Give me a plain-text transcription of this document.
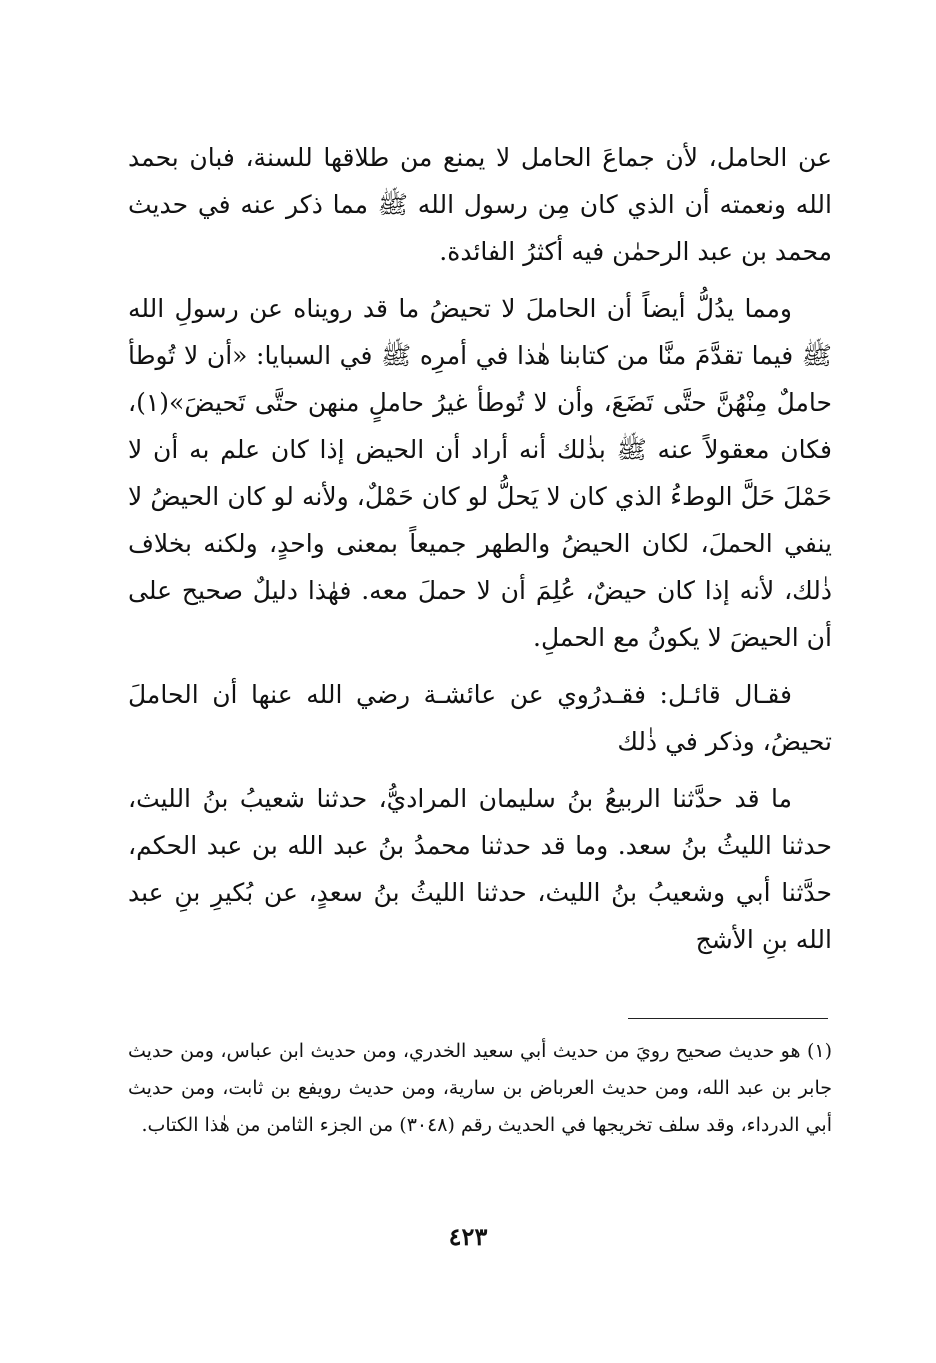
عن الحامل، لأن جماعَ الحامل لا يمنع من طلاقها للسنة، فبان بحمد الله ونعمته أن الذي كان مِن رسول الله ﷺ مما ذكر عنه في حديث محمد بن عبد الرحمٰن فيه أكثرُ الفائدة.

ومما يدُلُّ أيضاً أن الحاملَ لا تحيضُ ما قد رويناه عن رسولِ الله ﷺ فيما تقدَّمَ منَّا من كتابنا هٰذا في أمرِه ﷺ في السبايا: «أن لا تُوطأ حاملٌ مِنْهُنَّ حتَّى تَضَعَ، وأن لا تُوطأ غيرُ حاملٍ منهن حتَّى تَحيضَ»(١)، فكان معقولاً عنه ﷺ بذٰلك أنه أراد أن الحيض إذا كان علم به أن لا حَمْلَ حَلَّ الوطءُ الذي كان لا يَحلُّ لو كان حَمْلٌ، ولأنه لو كان الحيضُ لا ينفي الحملَ، لكان الحيضُ والطهر جميعاً بمعنى واحدٍ، ولكنه بخلاف ذٰلك، لأنه إذا كان حيضٌ، عُلِمَ أن لا حملَ معه. فهٰذا دليلٌ صحيح على أن الحيضَ لا يكونُ مع الحملِ.

فقـال قائـل: فقـدرُوي عن عائشـة رضي الله عنها أن الحاملَ تحيضُ، وذكر في ذٰلك

ما قد حدَّثنا الربيعُ بنُ سليمان المراديُّ، حدثنا شعيبُ بنُ الليث، حدثنا الليثُ بنُ سعد. وما قد حدثنا محمدُ بنُ عبد الله بن عبد الحكم، حدَّثنا أبي وشعيبُ بنُ الليث، حدثنا الليثُ بنُ سعدٍ، عن بُكيرِ بنِ عبد الله بنِ الأشج

(١) هو حديث صحيح رويَ من حديث أبي سعيد الخدري، ومن حديث ابن عباس، ومن حديث جابر بن عبد الله، ومن حديث العرباض بن سارية، ومن حديث رويفع بن ثابت، ومن حديث أبي الدرداء، وقد سلف تخريجها في الحديث رقم (٣٠٤٨) من الجزء الثامن من هٰذا الكتاب.

٤٢٣
